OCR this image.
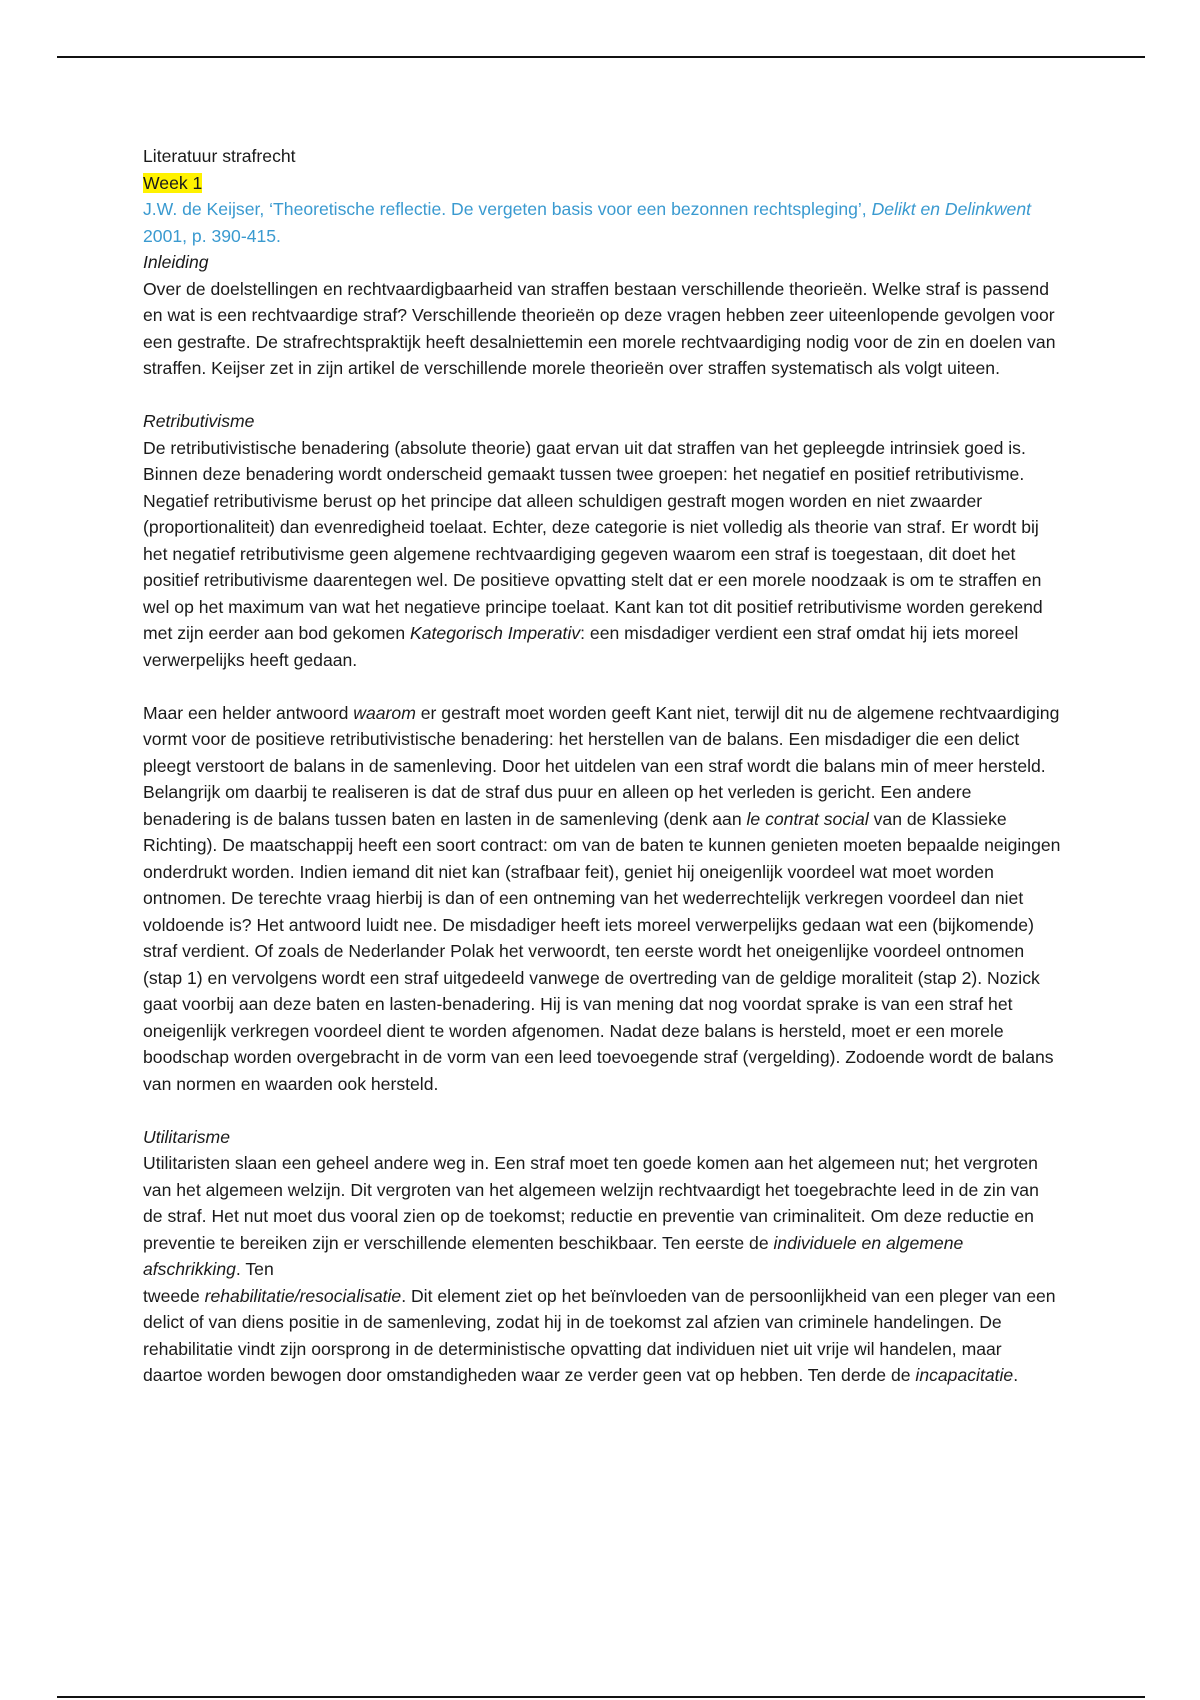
Literatuur strafrecht

Week 1

J.W. de Keijser, ‘Theoretische reflectie. De vergeten basis voor een bezonnen rechtspleging’, Delikt en Delinkwent 2001, p. 390-415.

Inleiding

Over de doelstellingen en rechtvaardigbaarheid van straffen bestaan verschillende theorieën. Welke straf is passend en wat is een rechtvaardige straf? Verschillende theorieën op deze vragen hebben zeer uiteenlopende gevolgen voor een gestrafte. De strafrechtspraktijk heeft desalniettemin een morele rechtvaardiging nodig voor de zin en doelen van straffen. Keijser zet in zijn artikel de verschillende morele theorieën over straffen systematisch als volgt uiteen.

Retributivisme

De retributivistische benadering (absolute theorie) gaat ervan uit dat straffen van het gepleegde intrinsiek goed is. Binnen deze benadering wordt onderscheid gemaakt tussen twee groepen: het negatief en positief retributivisme. Negatief retributivisme berust op het principe dat alleen schuldigen gestraft mogen worden en niet zwaarder (proportionaliteit) dan evenredigheid toelaat. Echter, deze categorie is niet volledig als theorie van straf. Er wordt bij het negatief retributivisme geen algemene rechtvaardiging gegeven waarom een straf is toegestaan, dit doet het positief retributivisme daarentegen wel. De positieve opvatting stelt dat er een morele noodzaak is om te straffen en wel op het maximum van wat het negatieve principe toelaat. Kant kan tot dit positief retributivisme worden gerekend met zijn eerder aan bod gekomen Kategorisch Imperativ: een misdadiger verdient een straf omdat hij iets moreel verwerpelijks heeft gedaan.

Maar een helder antwoord waarom er gestraft moet worden geeft Kant niet, terwijl dit nu de algemene rechtvaardiging vormt voor de positieve retributivistische benadering: het herstellen van de balans. Een misdadiger die een delict pleegt verstoort de balans in de samenleving. Door het uitdelen van een straf wordt die balans min of meer hersteld. Belangrijk om daarbij te realiseren is dat de straf dus puur en alleen op het verleden is gericht. Een andere benadering is de balans tussen baten en lasten in de samenleving (denk aan le contrat social van de Klassieke Richting). De maatschappij heeft een soort contract: om van de baten te kunnen genieten moeten bepaalde neigingen onderdrukt worden. Indien iemand dit niet kan (strafbaar feit), geniet hij oneigenlijk voordeel wat moet worden ontnomen. De terechte vraag hierbij is dan of een ontneming van het wederrechtelijk verkregen voordeel dan niet voldoende is? Het antwoord luidt nee. De misdadiger heeft iets moreel verwerpelijks gedaan wat een (bijkomende) straf verdient. Of zoals de Nederlander Polak het verwoordt, ten eerste wordt het oneigenlijke voordeel ontnomen (stap 1) en vervolgens wordt een straf uitgedeeld vanwege de overtreding van de geldige moraliteit (stap 2). Nozick gaat voorbij aan deze baten en lasten-benadering. Hij is van mening dat nog voordat sprake is van een straf het oneigenlijk verkregen voordeel dient te worden afgenomen. Nadat deze balans is hersteld, moet er een morele boodschap worden overgebracht in de vorm van een leed toevoegende straf (vergelding). Zodoende wordt de balans van normen en waarden ook hersteld.

Utilitarisme

Utilitaristen slaan een geheel andere weg in. Een straf moet ten goede komen aan het algemeen nut; het vergroten van het algemeen welzijn. Dit vergroten van het algemeen welzijn rechtvaardigt het toegebrachte leed in de zin van de straf. Het nut moet dus vooral zien op de toekomst; reductie en preventie van criminaliteit. Om deze reductie en preventie te bereiken zijn er verschillende elementen beschikbaar. Ten eerste de individuele en algemene afschrikking. Ten

tweede rehabilitatie/resocialisatie. Dit element ziet op het beïnvloeden van de persoonlijkheid van een pleger van een delict of van diens positie in de samenleving, zodat hij in de toekomst zal afzien van criminele handelingen. De rehabilitatie vindt zijn oorsprong in de deterministische opvatting dat individuen niet uit vrije wil handelen, maar daartoe worden bewogen door omstandigheden waar ze verder geen vat op hebben. Ten derde de incapacitatie.
